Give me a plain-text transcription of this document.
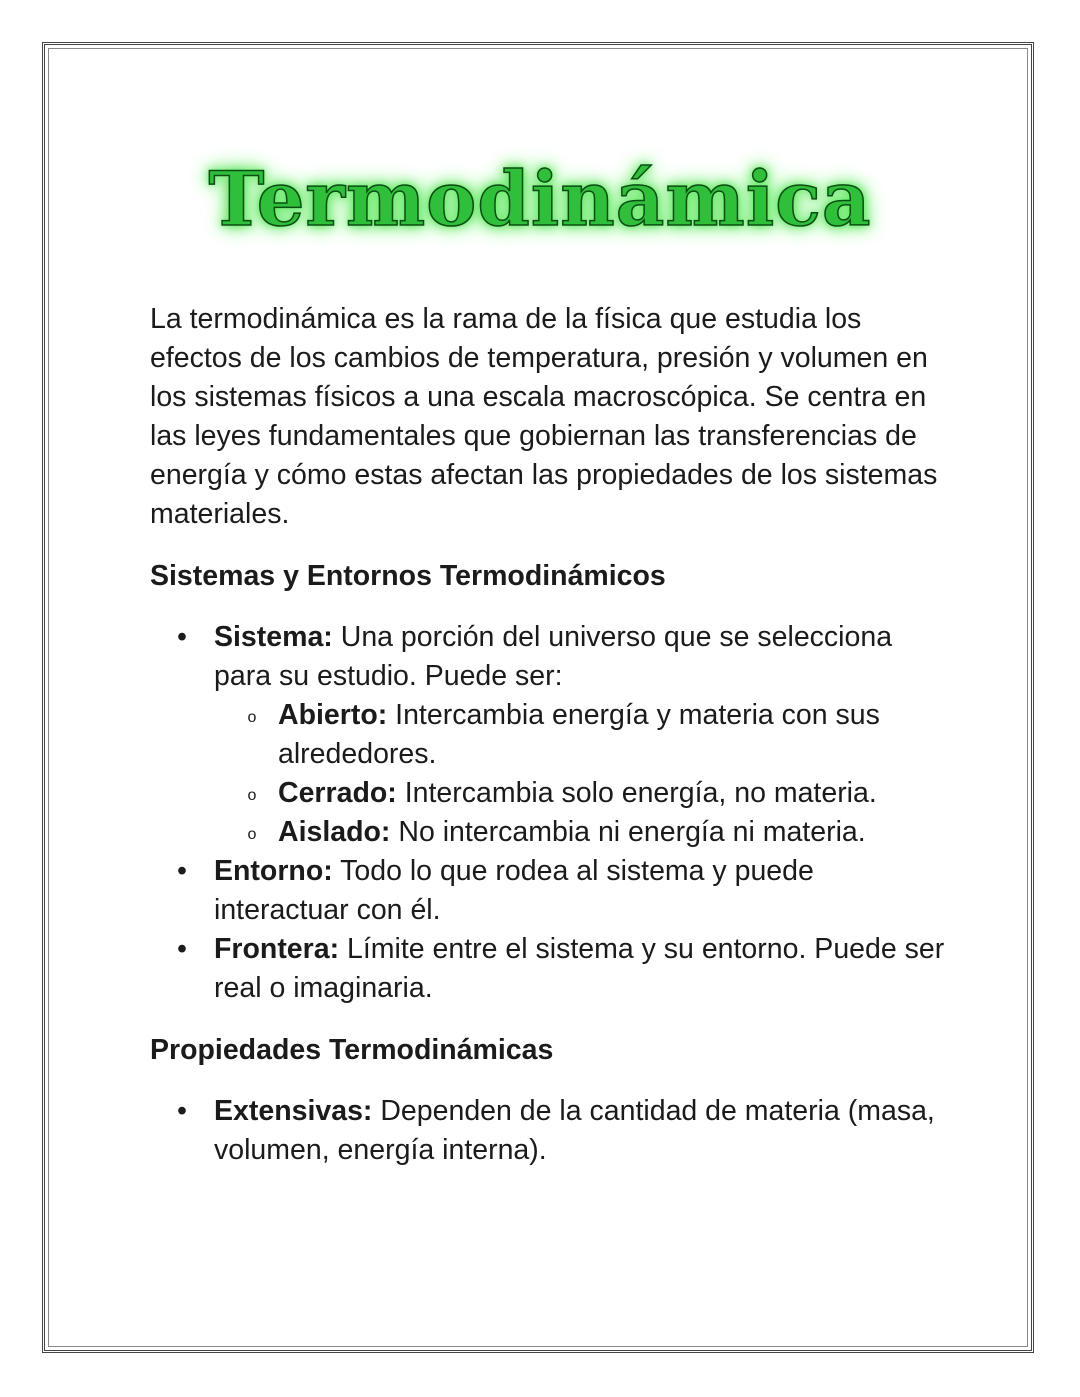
Termodinámica

La termodinámica es la rama de la física que estudia los efectos de los cambios de temperatura, presión y volumen en los sistemas físicos a una escala macroscópica. Se centra en las leyes fundamentales que gobiernan las transferencias de energía y cómo estas afectan las propiedades de los sistemas materiales.

Sistemas y Entornos Termodinámicos
• Sistema: Una porción del universo que se selecciona para su estudio. Puede ser:
o Abierto: Intercambia energía y materia con sus alrededores.
o Cerrado: Intercambia solo energía, no materia.
o Aislado: No intercambia ni energía ni materia.
• Entorno: Todo lo que rodea al sistema y puede interactuar con él.
• Frontera: Límite entre el sistema y su entorno. Puede ser real o imaginaria.
Propiedades Termodinámicas
• Extensivas: Dependen de la cantidad de materia (masa, volumen, energía interna).
